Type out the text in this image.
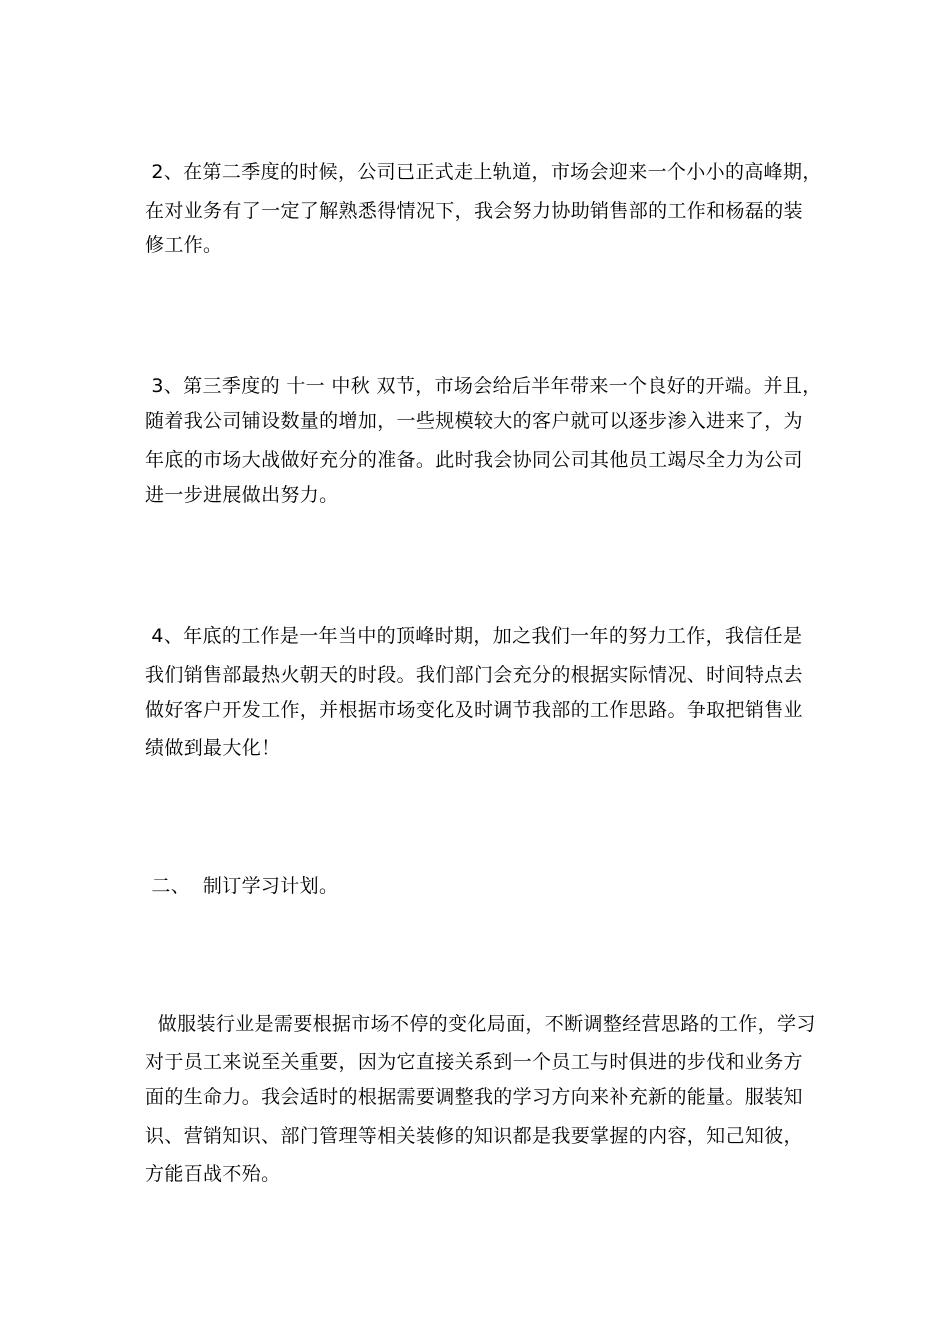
2、在第二季度的时候，公司已正式走上轨道，市场会迎来一个小小的高峰期，
在对业务有了一定了解熟悉得情况下，我会努力协助销售部的工作和杨磊的装
修工作。
3、第三季度的 十一 中秋 双节，市场会给后半年带来一个良好的开端。并且，
随着我公司铺设数量的增加，一些规模较大的客户就可以逐步渗入进来了，为
年底的市场大战做好充分的准备。此时我会协同公司其他员工竭尽全力为公司
进一步进展做出努力。
4、年底的工作是一年当中的顶峰时期，加之我们一年的努力工作，我信任是
我们销售部最热火朝天的时段。我们部门会充分的根据实际情况、时间特点去
做好客户开发工作，并根据市场变化及时调节我部的工作思路。争取把销售业
绩做到最大化！
二、  制订学习计划。
做服装行业是需要根据市场不停的变化局面，不断调整经营思路的工作，学习
对于员工来说至关重要，因为它直接关系到一个员工与时俱进的步伐和业务方
面的生命力。我会适时的根据需要调整我的学习方向来补充新的能量。服装知
识、营销知识、部门管理等相关装修的知识都是我要掌握的内容，知己知彼，
方能百战不殆。
